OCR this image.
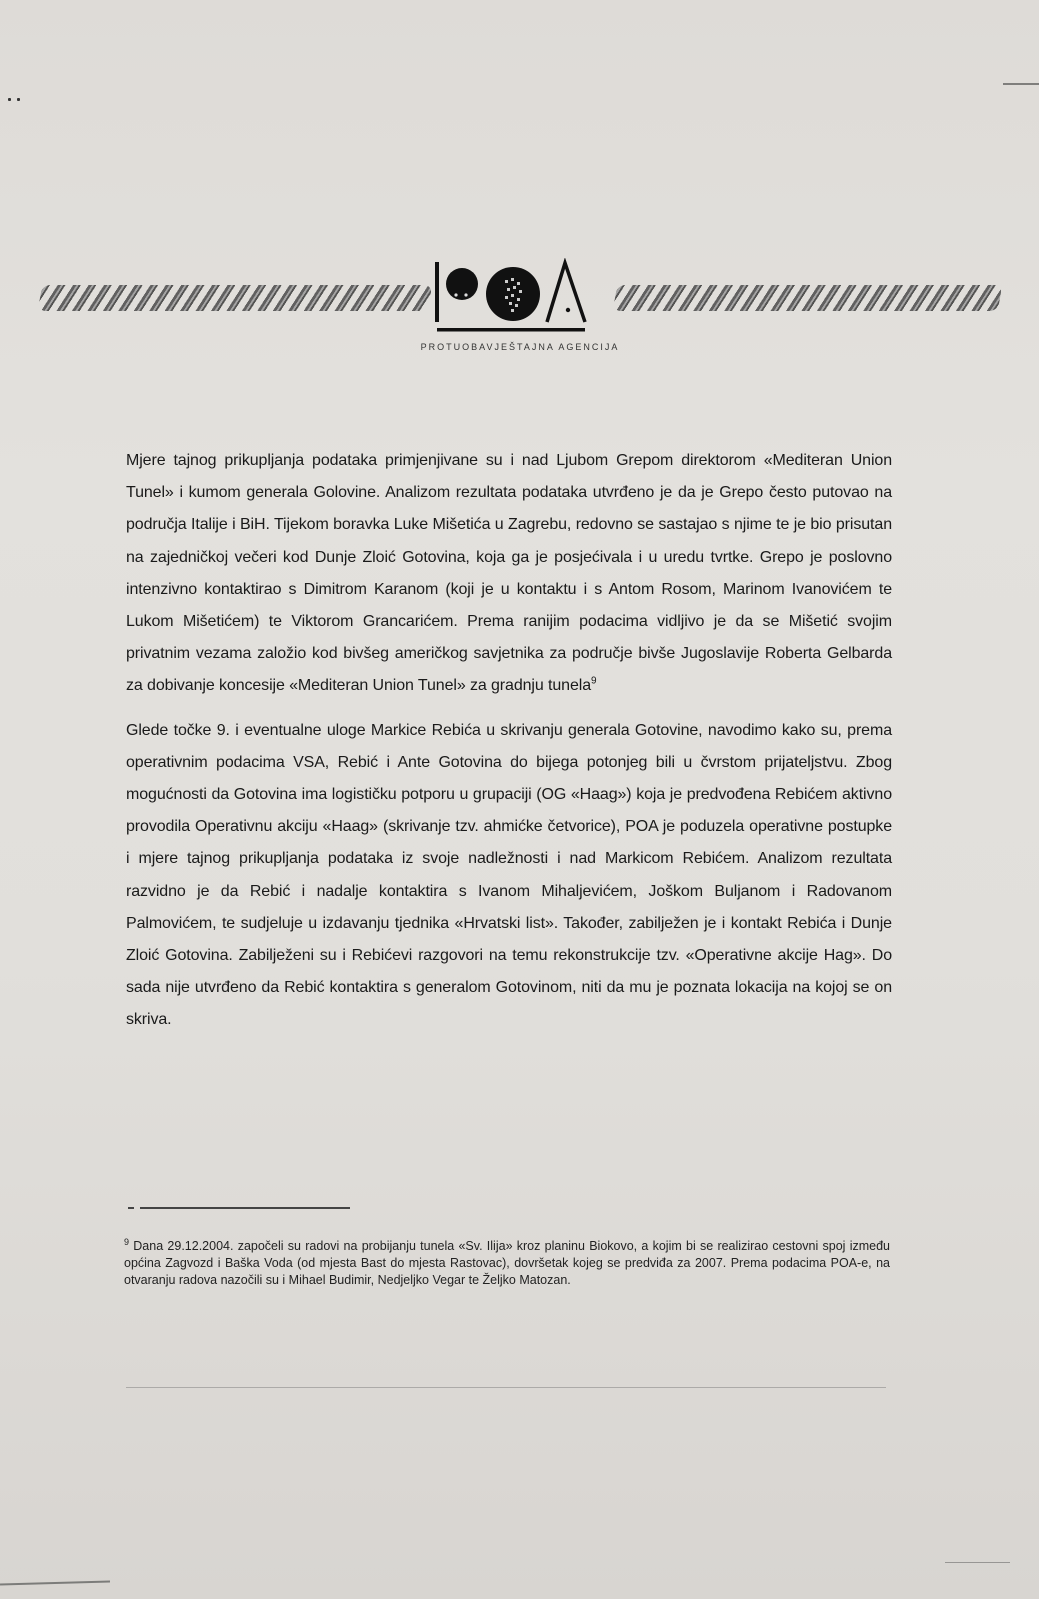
PROTUOBAVJEŠTAJNA AGENCIJA

Mjere tajnog prikupljanja podataka primjenjivane su i nad Ljubom Grepom direktorom «Mediteran Union Tunel» i kumom generala Golovine. Analizom rezultata podataka utvrđeno je da je Grepo često putovao na područja Italije i BiH. Tijekom boravka Luke Mišetića u Zagrebu, redovno se sastajao s njime te je bio prisutan na zajedničkoj večeri kod Dunje Zloić Gotovina, koja ga je posjećivala i u uredu tvrtke. Grepo je poslovno intenzivno kontaktirao s Dimitrom Karanom (koji je u kontaktu i s Antom Rosom, Marinom Ivanovićem te Lukom Mišetićem) te Viktorom Grancarićem. Prema ranijim podacima vidljivo je da se Mišetić svojim privatnim vezama založio kod bivšeg američkog savjetnika za područje bivše Jugoslavije Roberta Gelbarda za dobivanje koncesije «Mediteran Union Tunel» za gradnju tunela$^9$

Glede točke 9. i eventualne uloge Markice Rebića u skrivanju generala Gotovine, navodimo kako su, prema operativnim podacima VSA, Rebić i Ante Gotovina do bijega potonjeg bili u čvrstom prijateljstvu. Zbog mogućnosti da Gotovina ima logističku potporu u grupaciji (OG «Haag») koja je predvođena Rebićem aktivno provodila Operativnu akciju «Haag» (skrivanje tzv. ahmićke četvorice), POA je poduzela operativne postupke i mjere tajnog prikupljanja podataka iz svoje nadležnosti i nad Markicom Rebićem. Analizom rezultata razvidno je da Rebić i nadalje kontaktira s Ivanom Mihaljevićem, Joškom Buljanom i Radovanom Palmovićem, te sudjeluje u izdavanju tjednika «Hrvatski list». Također, zabilježen je i kontakt Rebića i Dunje Zloić Gotovina. Zabilježeni su i Rebićevi razgovori na temu rekonstrukcije tzv. «Operativne akcije Hag». Do sada nije utvrđeno da Rebić kontaktira s generalom Gotovinom, niti da mu je poznata lokacija na kojoj se on skriva.

$^9$ Dana 29.12.2004. započeli su radovi na probijanju tunela «Sv. Ilija» kroz planinu Biokovo, a kojim bi se realizirao cestovni spoj između općina Zagvozd i Baška Voda (od mjesta Bast do mjesta Rastovac), dovršetak kojeg se predviđa za 2007. Prema podacima POA-e, na otvaranju radova nazočili su i Mihael Budimir, Nedjeljko Vegar te Željko Matozan.
